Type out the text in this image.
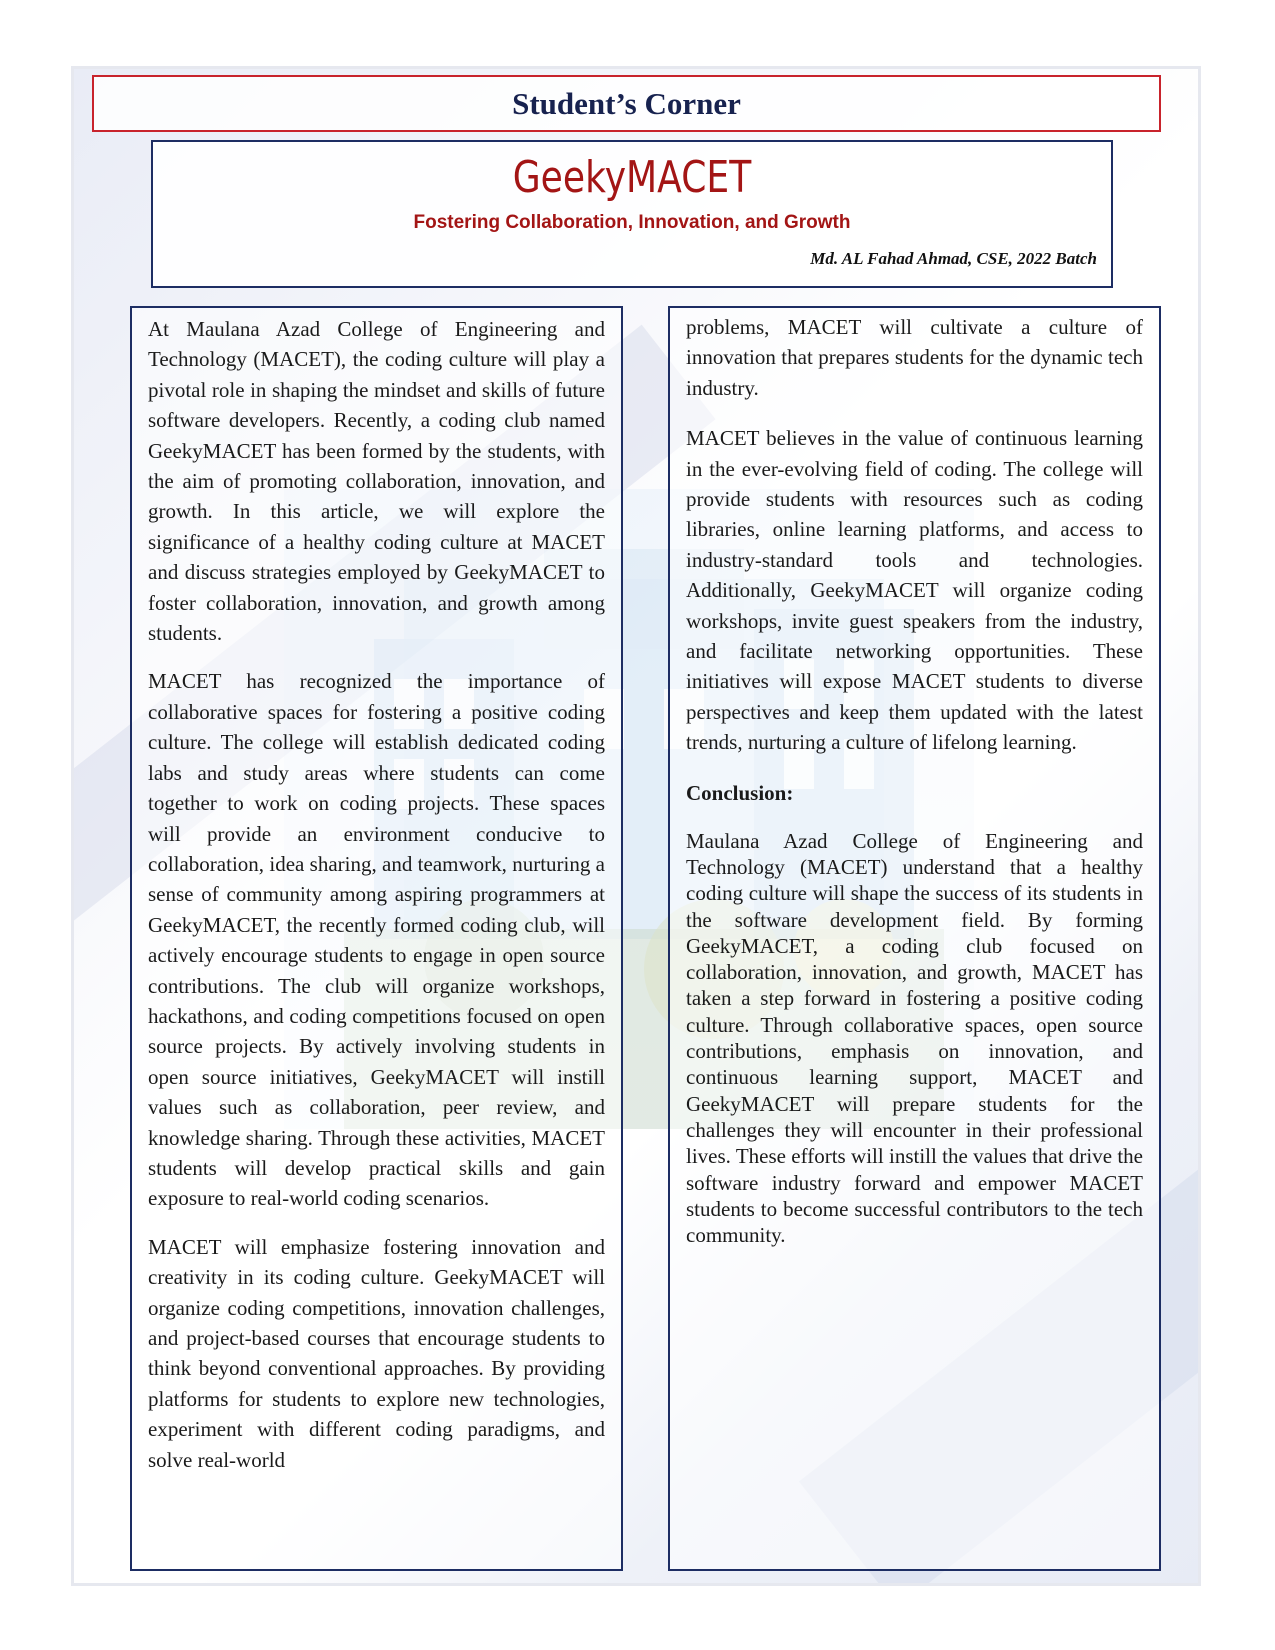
Student’s Corner
GeekyMACET
Fostering Collaboration, Innovation, and Growth
Md. AL Fahad Ahmad, CSE, 2022 Batch

At Maulana Azad College of Engineering and Technology (MACET), the coding culture will play a pivotal role in shaping the mindset and skills of future software developers. Recently, a coding club named GeekyMACET has been formed by the students, with the aim of promoting collaboration, innovation, and growth. In this article, we will explore the significance of a healthy coding culture at MACET and discuss strategies employed by GeekyMACET to foster collaboration, innovation, and growth among students.

MACET has recognized the importance of collaborative spaces for fostering a positive coding culture. The college will establish dedicated coding labs and study areas where students can come together to work on coding projects. These spaces will provide an environment conducive to collaboration, idea sharing, and teamwork, nurturing a sense of community among aspiring programmers at GeekyMACET, the recently formed coding club, will actively encourage students to engage in open source contributions. The club will organize workshops, hackathons, and coding competitions focused on open source projects. By actively involving students in open source initiatives, GeekyMACET will instill values such as collaboration, peer review, and knowledge sharing. Through these activities, MACET students will develop practical skills and gain exposure to real-world coding scenarios.

MACET will emphasize fostering innovation and creativity in its coding culture. GeekyMACET will organize coding competitions, innovation challenges, and project-based courses that encourage students to think beyond conventional approaches. By providing platforms for students to explore new technologies, experiment with different coding paradigms, and solve real-world

problems, MACET will cultivate a culture of innovation that prepares students for the dynamic tech industry.

MACET believes in the value of continuous learning in the ever-evolving field of coding. The college will provide students with resources such as coding libraries, online learning platforms, and access to industry-standard tools and technologies. Additionally, GeekyMACET will organize coding workshops, invite guest speakers from the industry, and facilitate networking opportunities. These initiatives will expose MACET students to diverse perspectives and keep them updated with the latest trends, nurturing a culture of lifelong learning.

Conclusion:

Maulana Azad College of Engineering and Technology (MACET) understand that a healthy coding culture will shape the success of its students in the software development field. By forming GeekyMACET, a coding club focused on collaboration, innovation, and growth, MACET has taken a step forward in fostering a positive coding culture. Through collaborative spaces, open source contributions, emphasis on innovation, and continuous learning support, MACET and GeekyMACET will prepare students for the challenges they will encounter in their professional lives. These efforts will instill the values that drive the software industry forward and empower MACET students to become successful contributors to the tech community.
